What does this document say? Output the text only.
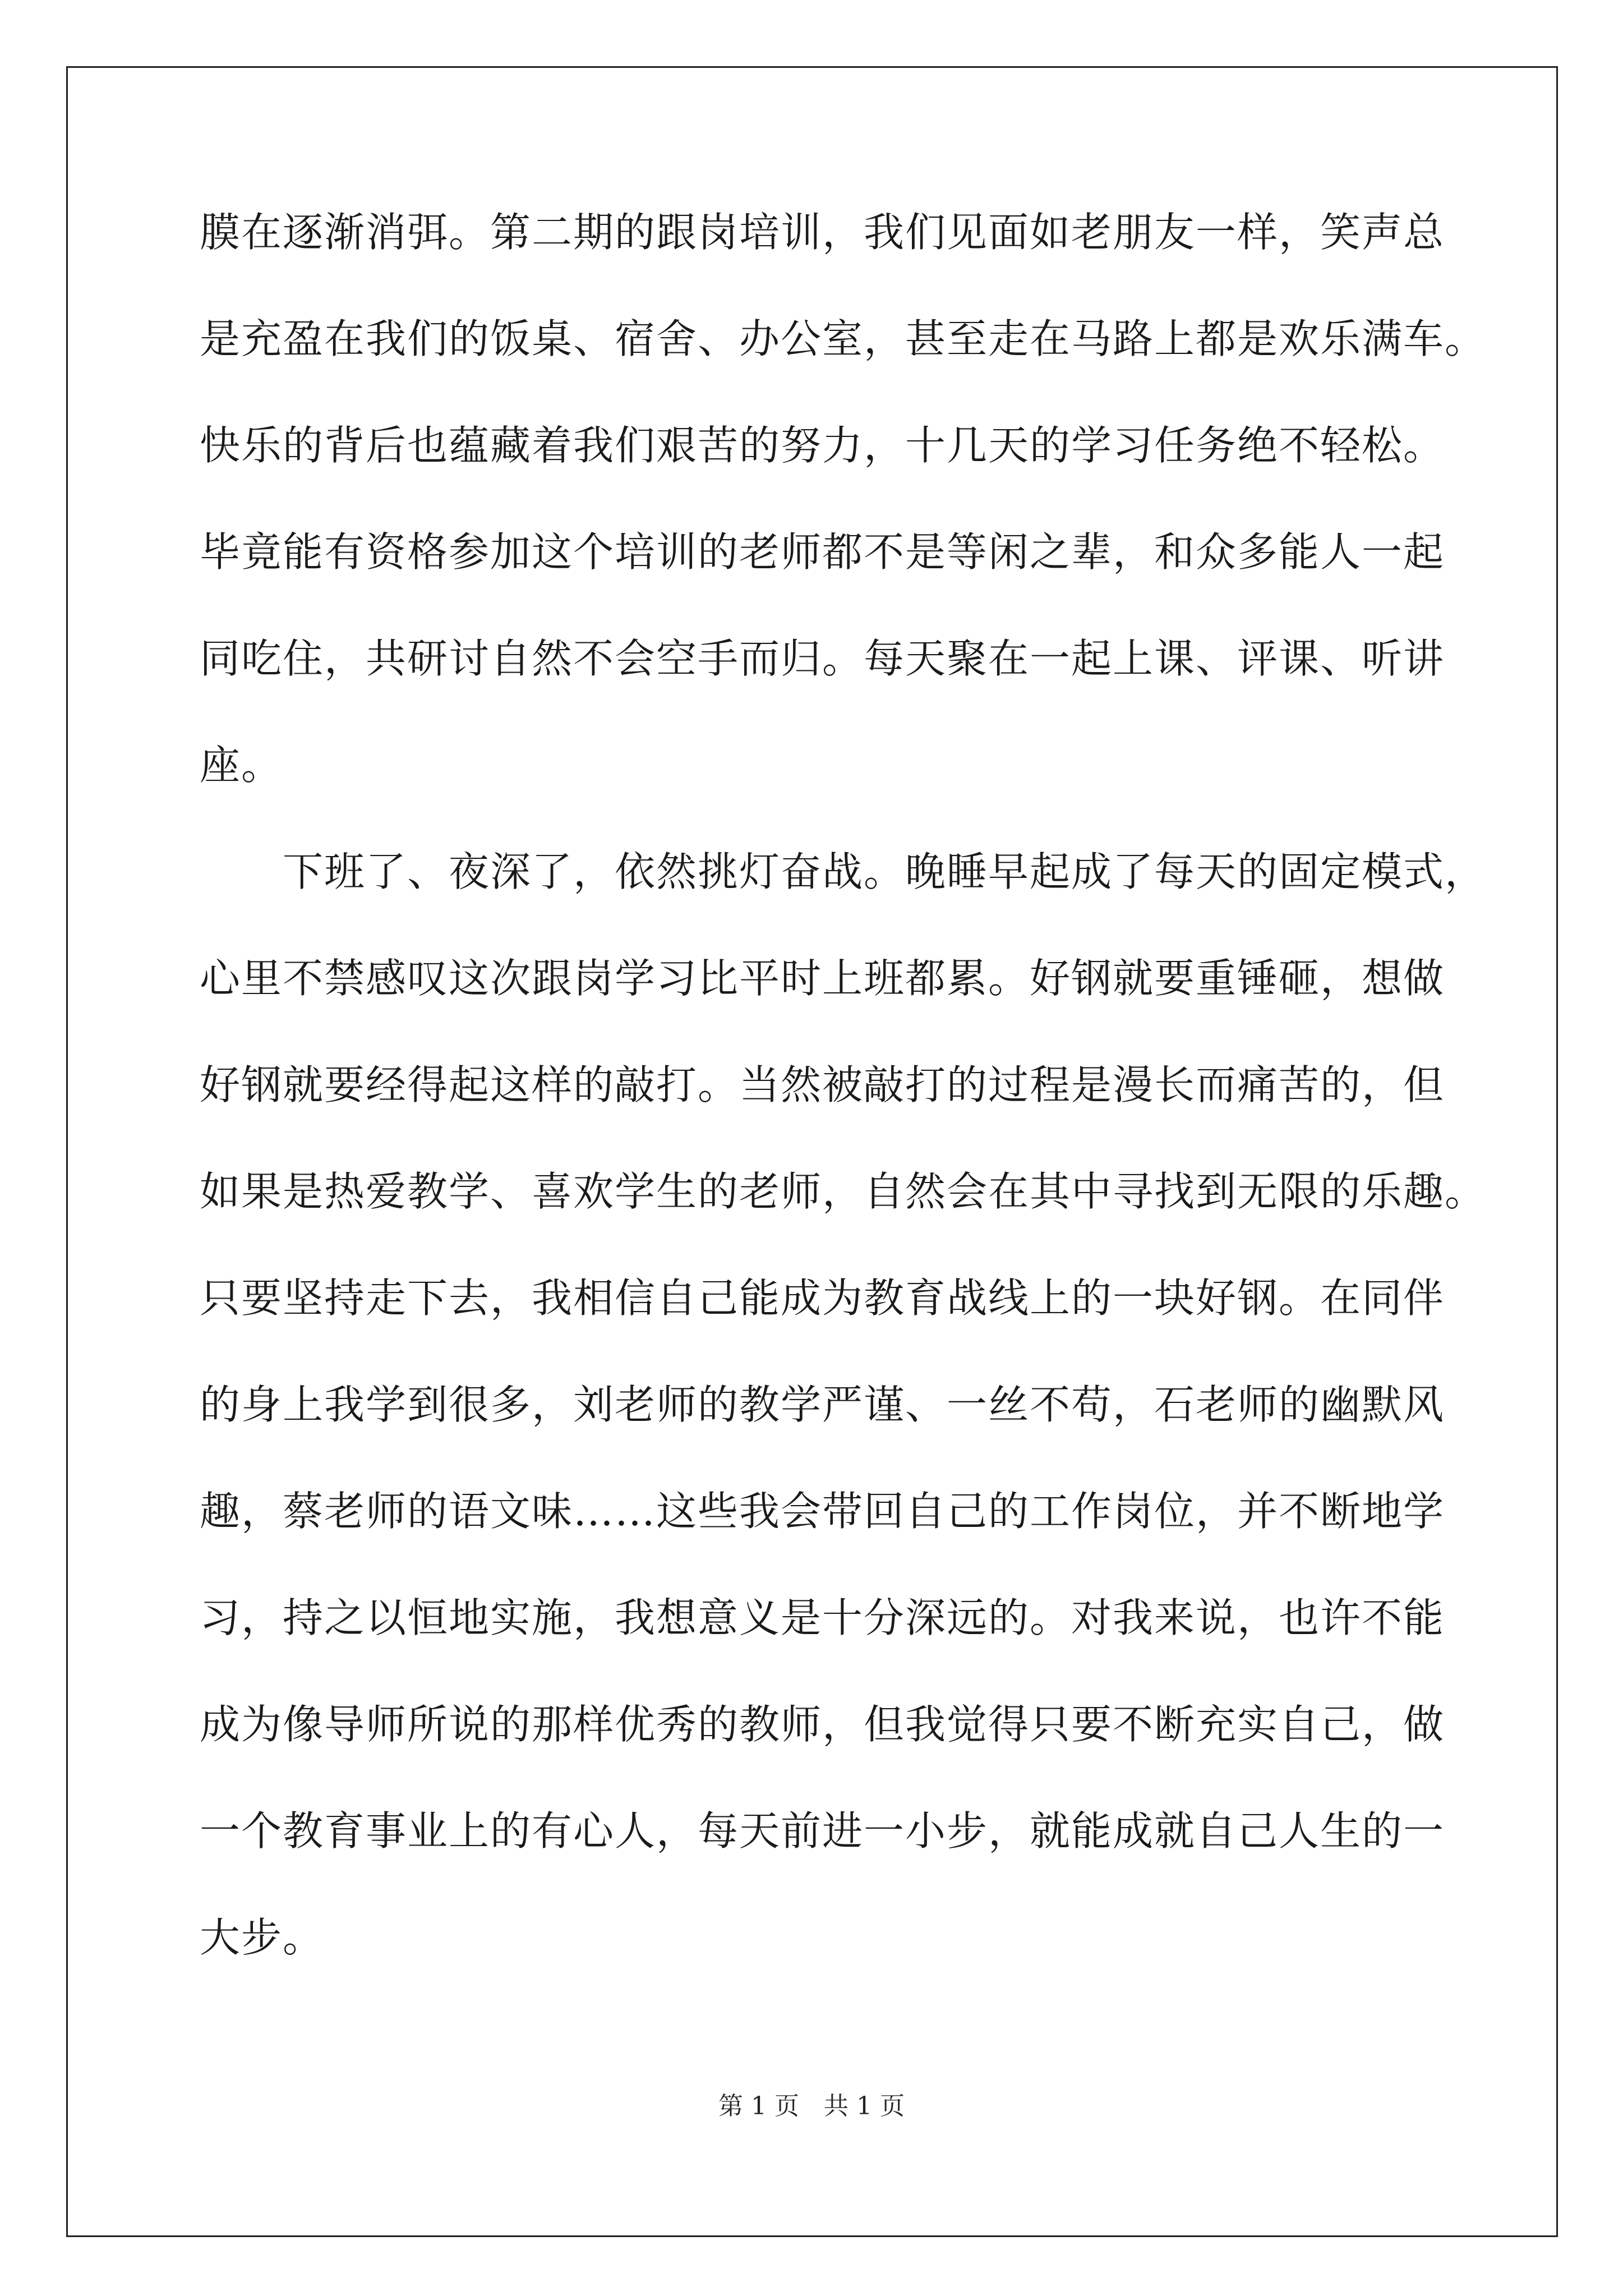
膜在逐渐消弭。第二期的跟岗培训，我们见面如老朋友一样，笑声总
是充盈在我们的饭桌、宿舍、办公室，甚至走在马路上都是欢乐满车。
快乐的背后也蕴藏着我们艰苦的努力，十几天的学习任务绝不轻松。
毕竟能有资格参加这个培训的老师都不是等闲之辈，和众多能人一起
同吃住，共研讨自然不会空手而归。每天聚在一起上课、评课、听讲
座。
　　下班了、夜深了，依然挑灯奋战。晚睡早起成了每天的固定模式，
心里不禁感叹这次跟岗学习比平时上班都累。好钢就要重锤砸，想做
好钢就要经得起这样的敲打。当然被敲打的过程是漫长而痛苦的，但
如果是热爱教学、喜欢学生的老师，自然会在其中寻找到无限的乐趣。
只要坚持走下去，我相信自己能成为教育战线上的一块好钢。在同伴
的身上我学到很多，刘老师的教学严谨、一丝不苟，石老师的幽默风
趣，蔡老师的语文味……这些我会带回自己的工作岗位，并不断地学
习，持之以恒地实施，我想意义是十分深远的。对我来说，也许不能
成为像导师所说的那样优秀的教师，但我觉得只要不断充实自己，做
一个教育事业上的有心人，每天前进一小步，就能成就自己人生的一
大步。
第 1 页　共 1 页
